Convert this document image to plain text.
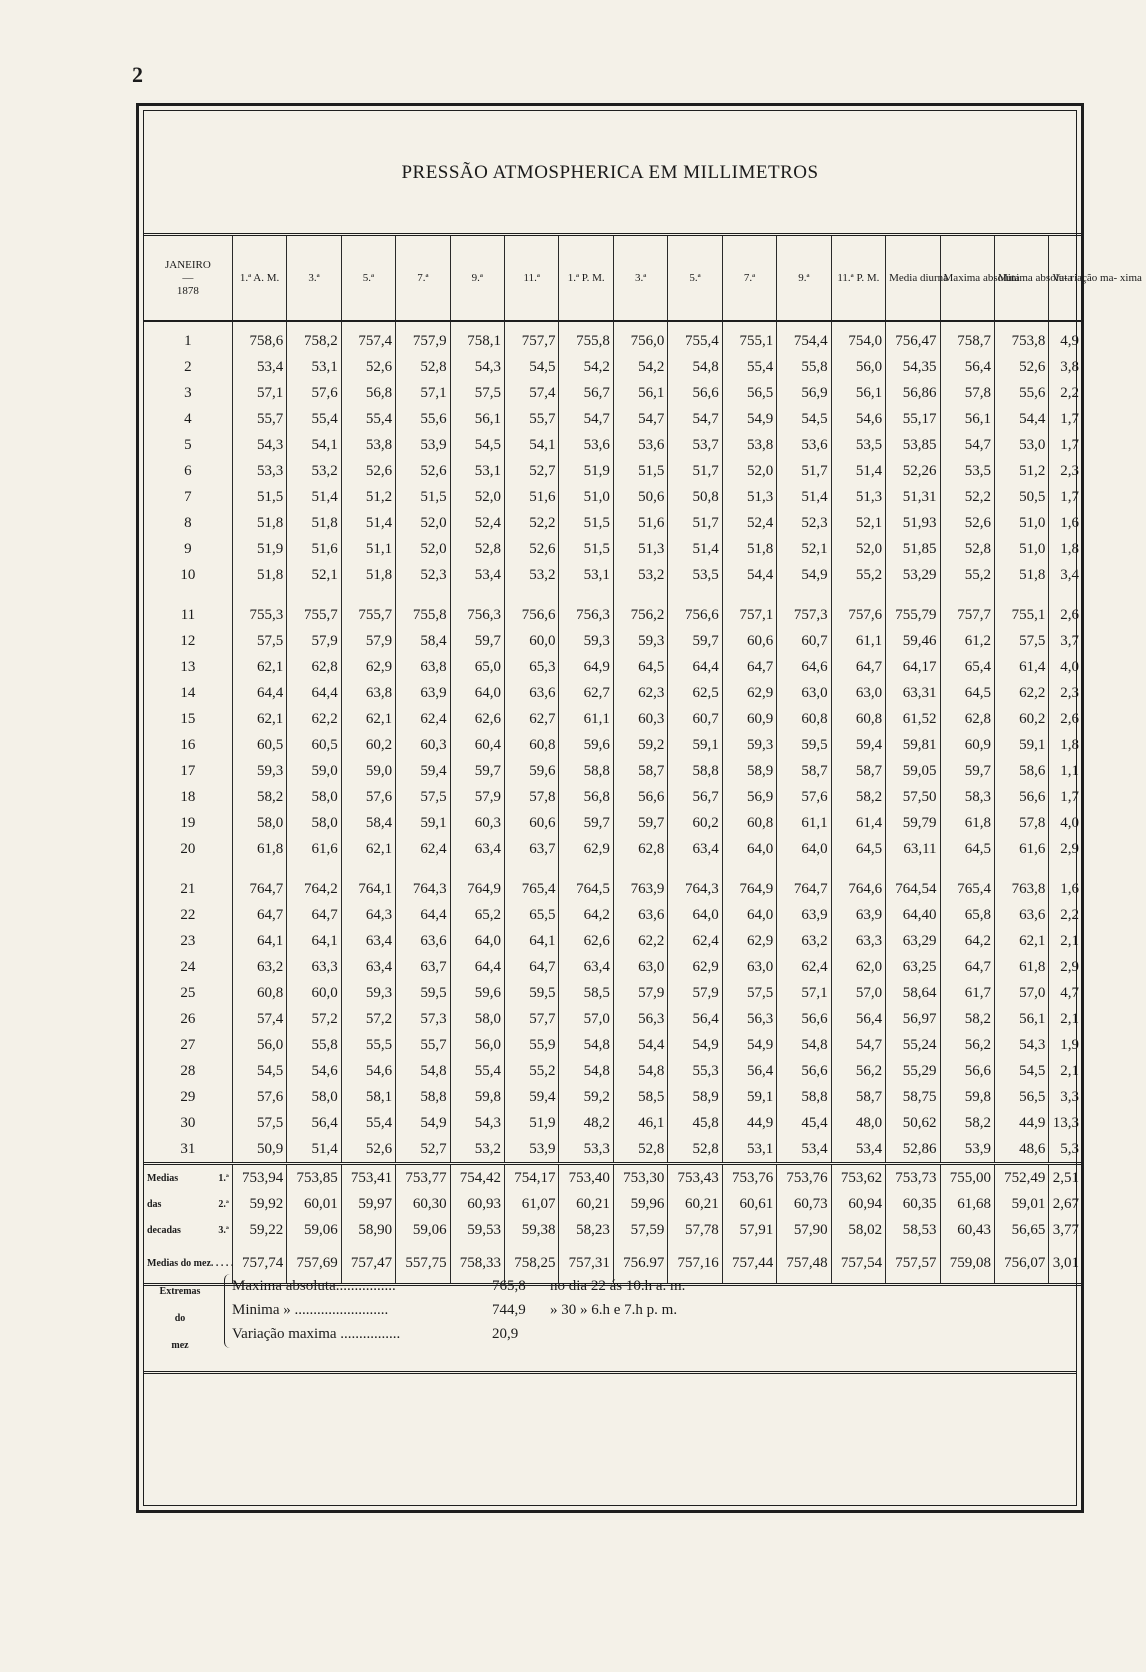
2
PRESSÃO ATMOSPHERICA EM MILLIMETROS
JANEIRO
—
1878	1.ª A. M.	3.ª	5.ª	7.ª	9.ª	11.ª	1.ª P. M.	3.ª	5.ª	7.ª	9.ª	11.ª P. M.	Media diurna	Maxima absoluta	Minima absoluta	Va- riação ma- xima
1	758,6	758,2	757,4	757,9	758,1	757,7	755,8	756,0	755,4	755,1	754,4	754,0	756,47	758,7	753,8	4,9
2	53,4	53,1	52,6	52,8	54,3	54,5	54,2	54,2	54,8	55,4	55,8	56,0	54,35	56,4	52,6	3,8
3	57,1	57,6	56,8	57,1	57,5	57,4	56,7	56,1	56,6	56,5	56,9	56,1	56,86	57,8	55,6	2,2
4	55,7	55,4	55,4	55,6	56,1	55,7	54,7	54,7	54,7	54,9	54,5	54,6	55,17	56,1	54,4	1,7
5	54,3	54,1	53,8	53,9	54,5	54,1	53,6	53,6	53,7	53,8	53,6	53,5	53,85	54,7	53,0	1,7
6	53,3	53,2	52,6	52,6	53,1	52,7	51,9	51,5	51,7	52,0	51,7	51,4	52,26	53,5	51,2	2,3
7	51,5	51,4	51,2	51,5	52,0	51,6	51,0	50,6	50,8	51,3	51,4	51,3	51,31	52,2	50,5	1,7
8	51,8	51,8	51,4	52,0	52,4	52,2	51,5	51,6	51,7	52,4	52,3	52,1	51,93	52,6	51,0	1,6
9	51,9	51,6	51,1	52,0	52,8	52,6	51,5	51,3	51,4	51,8	52,1	52,0	51,85	52,8	51,0	1,8
10	51,8	52,1	51,8	52,3	53,4	53,2	53,1	53,2	53,5	54,4	54,9	55,2	53,29	55,2	51,8	3,4

11	755,3	755,7	755,7	755,8	756,3	756,6	756,3	756,2	756,6	757,1	757,3	757,6	755,79	757,7	755,1	2,6
12	57,5	57,9	57,9	58,4	59,7	60,0	59,3	59,3	59,7	60,6	60,7	61,1	59,46	61,2	57,5	3,7
13	62,1	62,8	62,9	63,8	65,0	65,3	64,9	64,5	64,4	64,7	64,6	64,7	64,17	65,4	61,4	4,0
14	64,4	64,4	63,8	63,9	64,0	63,6	62,7	62,3	62,5	62,9	63,0	63,0	63,31	64,5	62,2	2,3
15	62,1	62,2	62,1	62,4	62,6	62,7	61,1	60,3	60,7	60,9	60,8	60,8	61,52	62,8	60,2	2,6
16	60,5	60,5	60,2	60,3	60,4	60,8	59,6	59,2	59,1	59,3	59,5	59,4	59,81	60,9	59,1	1,8
17	59,3	59,0	59,0	59,4	59,7	59,6	58,8	58,7	58,8	58,9	58,7	58,7	59,05	59,7	58,6	1,1
18	58,2	58,0	57,6	57,5	57,9	57,8	56,8	56,6	56,7	56,9	57,6	58,2	57,50	58,3	56,6	1,7
19	58,0	58,0	58,4	59,1	60,3	60,6	59,7	59,7	60,2	60,8	61,1	61,4	59,79	61,8	57,8	4,0
20	61,8	61,6	62,1	62,4	63,4	63,7	62,9	62,8	63,4	64,0	64,0	64,5	63,11	64,5	61,6	2,9

21	764,7	764,2	764,1	764,3	764,9	765,4	764,5	763,9	764,3	764,9	764,7	764,6	764,54	765,4	763,8	1,6
22	64,7	64,7	64,3	64,4	65,2	65,5	64,2	63,6	64,0	64,0	63,9	63,9	64,40	65,8	63,6	2,2
23	64,1	64,1	63,4	63,6	64,0	64,1	62,6	62,2	62,4	62,9	63,2	63,3	63,29	64,2	62,1	2,1
24	63,2	63,3	63,4	63,7	64,4	64,7	63,4	63,0	62,9	63,0	62,4	62,0	63,25	64,7	61,8	2,9
25	60,8	60,0	59,3	59,5	59,6	59,5	58,5	57,9	57,9	57,5	57,1	57,0	58,64	61,7	57,0	4,7
26	57,4	57,2	57,2	57,3	58,0	57,7	57,0	56,3	56,4	56,3	56,6	56,4	56,97	58,2	56,1	2,1
27	56,0	55,8	55,5	55,7	56,0	55,9	54,8	54,4	54,9	54,9	54,8	54,7	55,24	56,2	54,3	1,9
28	54,5	54,6	54,6	54,8	55,4	55,2	54,8	54,8	55,3	56,4	56,6	56,2	55,29	56,6	54,5	2,1
29	57,6	58,0	58,1	58,8	59,8	59,4	59,2	58,5	58,9	59,1	58,8	58,7	58,75	59,8	56,5	3,3
30	57,5	56,4	55,4	54,9	54,3	51,9	48,2	46,1	45,8	44,9	45,4	48,0	50,62	58,2	44,9	13,3
31	50,9	51,4	52,6	52,7	53,2	53,9	53,3	52,8	52,8	53,1	53,4	53,4	52,86	53,9	48,6	5,3
Medias 1.ª	753,94	753,85	753,41	753,77	754,42	754,17	753,40	753,30	753,43	753,76	753,76	753,62	753,73	755,00	752,49	2,51
das 2.ª	59,92	60,01	59,97	60,30	60,93	61,07	60,21	59,96	60,21	60,61	60,73	60,94	60,35	61,68	59,01	2,67
decadas 3.ª	59,22	59,06	58,90	59,06	59,53	59,38	58,23	57,59	57,78	57,91	57,90	58,02	58,53	60,43	56,65	3,77
Medias do mez. . . . .	757,74	757,69	757,47	557,75	758,33	758,25	757,31	756.97	757,16	757,44	757,48	757,54	757,57	759,08	756,07	3,01
Extremas
do
mez
Maxima absoluta................	765,8 no dia 22 ás 10.h a. m.
Minima » .........................	744,9 » 30 » 6.h e 7.h p. m.
Variação maxima ................	20,9
